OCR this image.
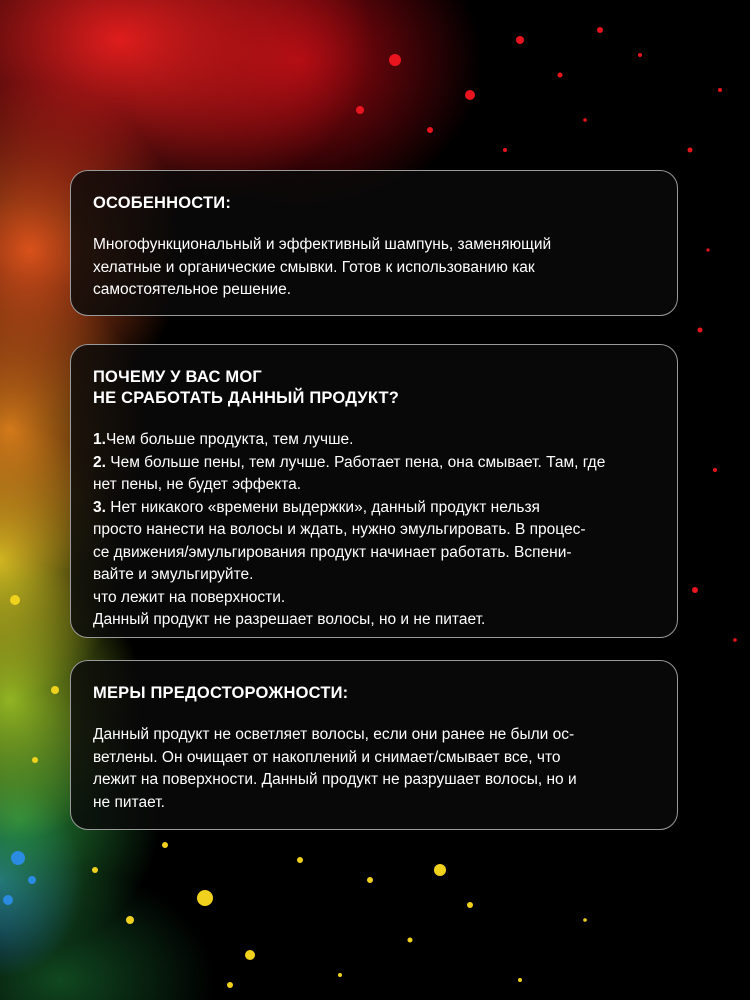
ОСОБЕННОСТИ:

Многофункциональный и эффективный шампунь, заменяющий
хелатные и органические смывки. Готов к использованию как
самостоятельное решение.

ПОЧЕМУ У ВАС МОГ
НЕ СРАБОТАТЬ ДАННЫЙ ПРОДУКТ?

1.Чем больше продукта, тем лучше.

2. Чем больше пены, тем лучше. Работает пена, она смывает. Там, где
нет пены, не будет эффекта.

3. Нет никакого «времени выдержки», данный продукт нельзя
просто нанести на волосы и ждать, нужно эмульгировать. В процес-
се движения/эмульгирования продукт начинает работать. Вспени-
вайте и эмульгируйте.
что лежит на поверхности.
Данный продукт не разрешает волосы, но и не питает.

МЕРЫ ПРЕДОСТОРОЖНОСТИ:

Данный продукт не осветляет волосы, если они ранее не были ос-
ветлены. Он очищает от накоплений и снимает/смывает все, что
лежит на поверхности. Данный продукт не разрушает волосы, но и
не питает.
